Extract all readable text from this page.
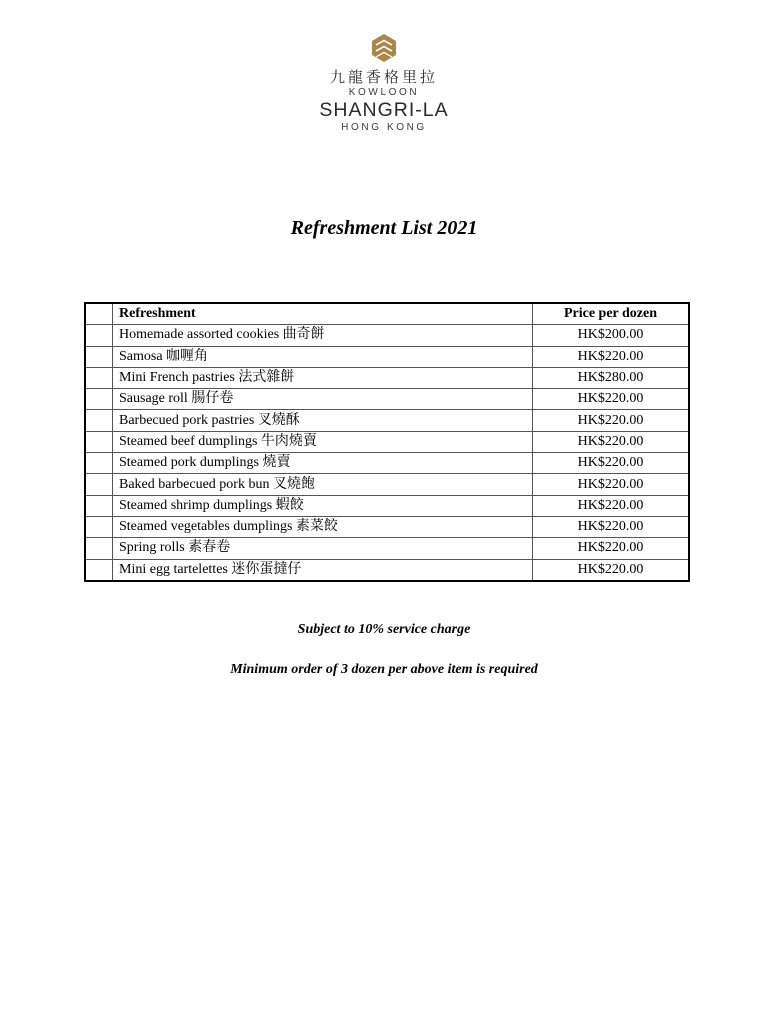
九龍香格里拉
KOWLOON
SHANGRI-LA
HONG KONG
Refreshment List 2021
	Refreshment	Price per dozen
	Homemade assorted cookies 曲奇餅	HK$200.00
	Samosa 咖喱角	HK$220.00
	Mini French pastries 法式雜餅	HK$280.00
	Sausage roll 腸仔卷	HK$220.00
	Barbecued pork pastries 叉燒酥	HK$220.00
	Steamed beef dumplings 牛肉燒賣	HK$220.00
	Steamed pork dumplings 燒賣	HK$220.00
	Baked barbecued pork bun 叉燒飽	HK$220.00
	Steamed shrimp dumplings 蝦餃	HK$220.00
	Steamed vegetables dumplings 素菜餃	HK$220.00
	Spring rolls 素春卷	HK$220.00
	Mini egg tartelettes 迷你蛋撻仔	HK$220.00
Subject to 10% service charge
Minimum order of 3 dozen per above item is required
